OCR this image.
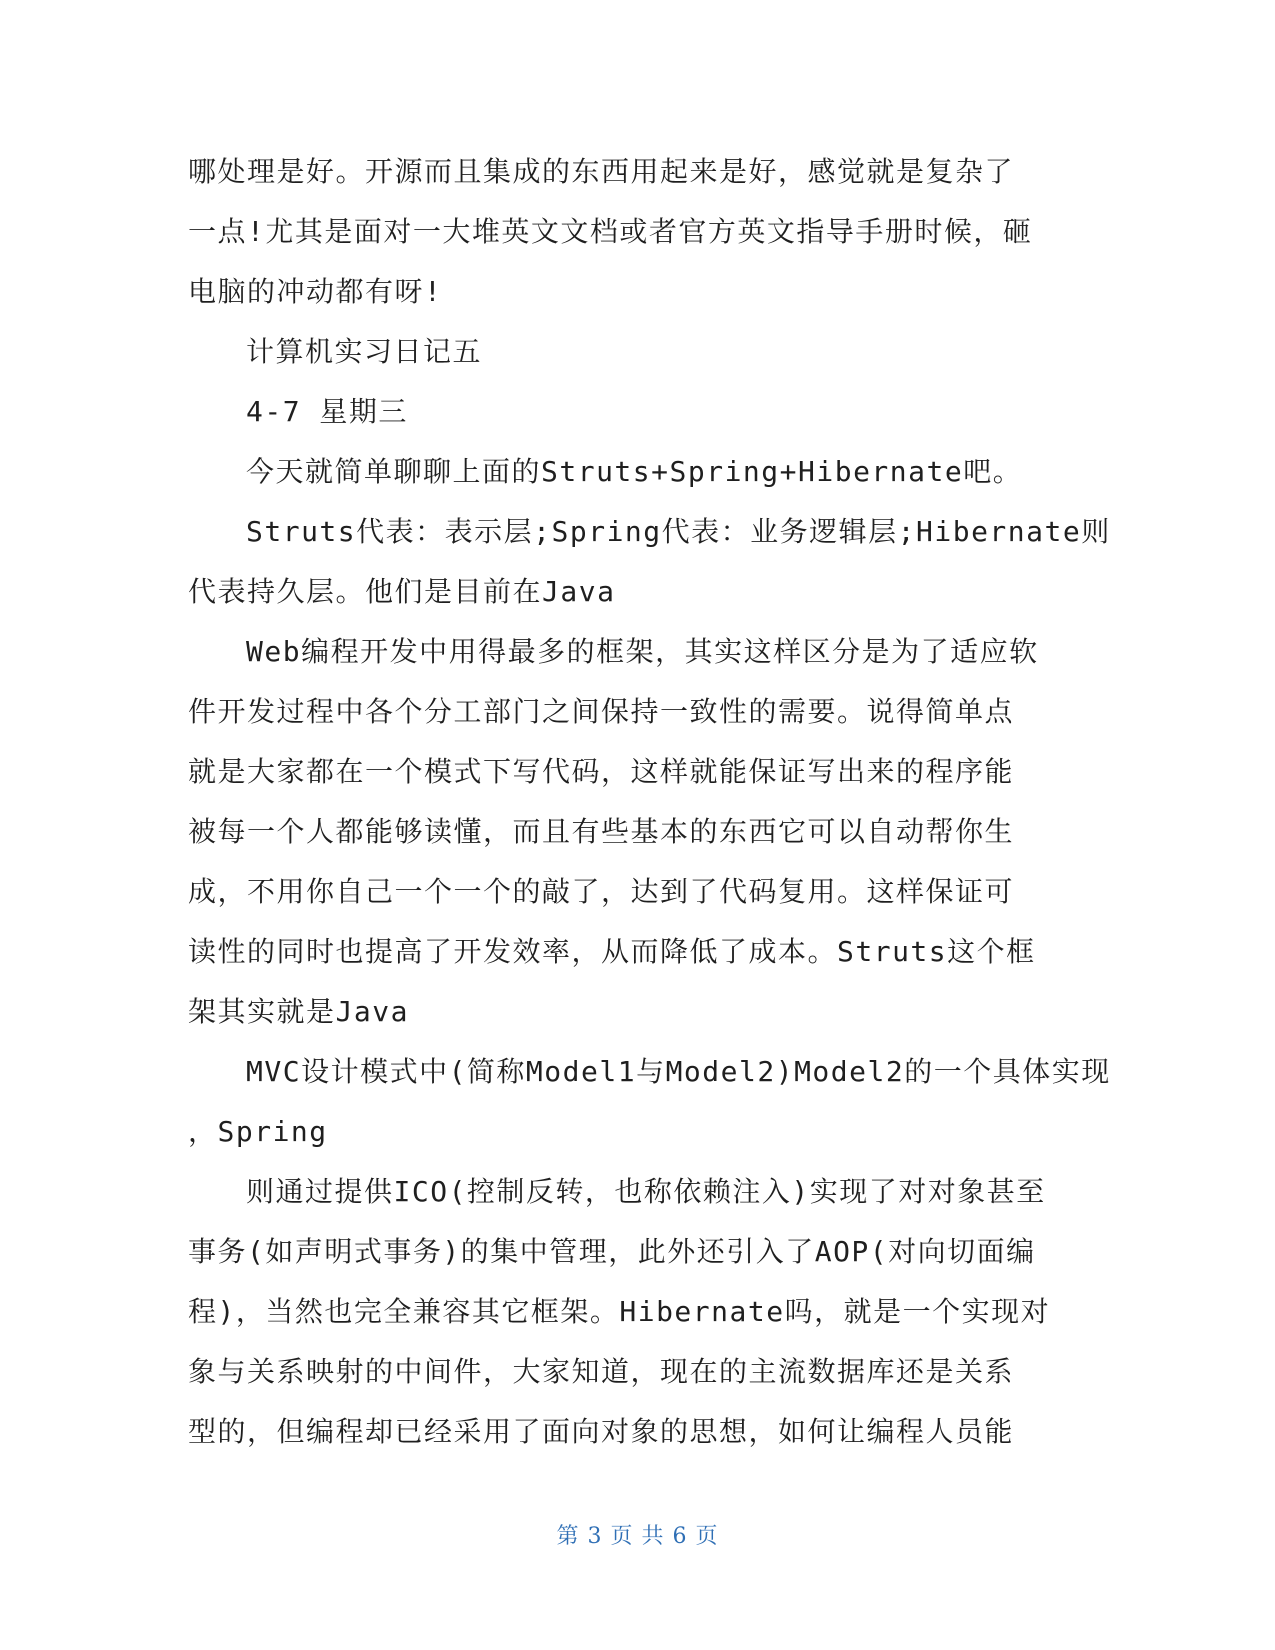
哪处理是好。开源而且集成的东西用起来是好，感觉就是复杂了
一点!尤其是面对一大堆英文文档或者官方英文指导手册时候，砸
电脑的冲动都有呀!
计算机实习日记五
4-7 星期三
今天就简单聊聊上面的Struts+Spring+Hibernate吧。
Struts代表：表示层;Spring代表：业务逻辑层;Hibernate则
代表持久层。他们是目前在Java
Web编程开发中用得最多的框架，其实这样区分是为了适应软
件开发过程中各个分工部门之间保持一致性的需要。说得简单点
就是大家都在一个模式下写代码，这样就能保证写出来的程序能
被每一个人都能够读懂，而且有些基本的东西它可以自动帮你生
成，不用你自己一个一个的敲了，达到了代码复用。这样保证可
读性的同时也提高了开发效率，从而降低了成本。Struts这个框
架其实就是Java
MVC设计模式中(简称Model1与Model2)Model2的一个具体实现
，Spring
则通过提供ICO(控制反转，也称依赖注入)实现了对对象甚至
事务(如声明式事务)的集中管理，此外还引入了AOP(对向切面编
程)，当然也完全兼容其它框架。Hibernate吗，就是一个实现对
象与关系映射的中间件，大家知道，现在的主流数据库还是关系
型的，但编程却已经采用了面向对象的思想，如何让编程人员能
第 3 页 共 6 页
